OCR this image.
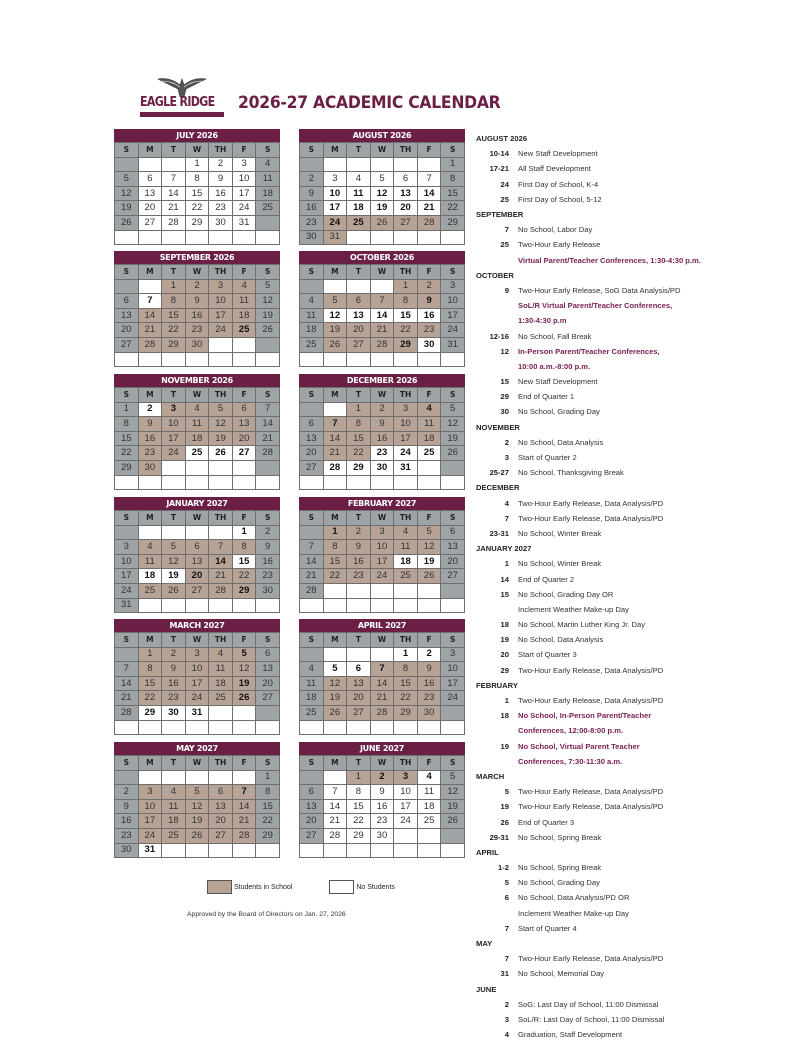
EAGLE RIDGE 2026-27 ACADEMIC CALENDAR
JULY 2026
S	M	T	W	TH	F	S
			1	2	3	4
5	6	7	8	9	10	11
12	13	14	15	16	17	18
19	20	21	22	23	24	25
26	27	28	29	30	31	

AUGUST 2026
S	M	T	W	TH	F	S
						1
2	3	4	5	6	7	8
9	10	11	12	13	14	15
16	17	18	19	20	21	22
23	24	25	26	27	28	29
30	31					
SEPTEMBER 2026
S	M	T	W	TH	F	S
		1	2	3	4	5
6	7	8	9	10	11	12
13	14	15	16	17	18	19
20	21	22	23	24	25	26
27	28	29	30			

OCTOBER 2026
S	M	T	W	TH	F	S
				1	2	3
4	5	6	7	8	9	10
11	12	13	14	15	16	17
18	19	20	21	22	23	24
25	26	27	28	29	30	31

NOVEMBER 2026
S	M	T	W	TH	F	S
1	2	3	4	5	6	7
8	9	10	11	12	13	14
15	16	17	18	19	20	21
22	23	24	25	26	27	28
29	30					

DECEMBER 2026
S	M	T	W	TH	F	S
		1	2	3	4	5
6	7	8	9	10	11	12
13	14	15	16	17	18	19
20	21	22	23	24	25	26
27	28	29	30	31		

JANUARY 2027
S	M	T	W	TH	F	S
					1	2
3	4	5	6	7	8	9
10	11	12	13	14	15	16
17	18	19	20	21	22	23
24	25	26	27	28	29	30
31						
FEBRUARY 2027
S	M	T	W	TH	F	S
	1	2	3	4	5	6
7	8	9	10	11	12	13
14	15	16	17	18	19	20
21	22	23	24	25	26	27
28						

MARCH 2027
S	M	T	W	TH	F	S
	1	2	3	4	5	6
7	8	9	10	11	12	13
14	15	16	17	18	19	20
21	22	23	24	25	26	27
28	29	30	31			

APRIL 2027
S	M	T	W	TH	F	S
				1	2	3
4	5	6	7	8	9	10
11	12	13	14	15	16	17
18	19	20	21	22	23	24
25	26	27	28	29	30	

MAY 2027
S	M	T	W	TH	F	S
						1
2	3	4	5	6	7	8
9	10	11	12	13	14	15
16	17	18	19	20	21	22
23	24	25	26	27	28	29
30	31					
JUNE 2027
S	M	T	W	TH	F	S
		1	2	3	4	5
6	7	8	9	10	11	12
13	14	15	16	17	18	19
20	21	22	23	24	25	26
27	28	29	30			

AUGUST 2026
10-14	New Staff Development
17-21	All Staff Development
24	First Day of School, K-4
25	First Day of School, 5-12
SEPTEMBER
7	No School, Labor Day
25	Two-Hour Early Release
Virtual Parent/Teacher Conferences, 1:30-4:30 p.m.
OCTOBER
9	Two-Hour Early Release, SoG Data Analysis/PD
SoL/R Virtual Parent/Teacher Conferences,
1:30-4:30 p.m
12-16	No School, Fall Break
12	In-Person Parent/Teacher Conferences,
10:00 a.m.-8:00 p.m.
15	New Staff Development
29	End of Quarter 1
30	No School, Grading Day
NOVEMBER
2	No School, Data Analysis
3	Start of Quarter 2
25-27	No School, Thanksgiving Break
DECEMBER
4	Two-Hour Early Release, Data Analysis/PD
7	Two-Hour Early Release, Data Analysis/PD
23-31	No School, Winter Break
JANUARY 2027
1	No School, Winter Break
14	End of Quarter 2
15	No School, Grading Day OR
Inclement Weather Make-up Day
18	No School, Martin Luther King Jr. Day
19	No School, Data Analysis
20	Start of Quarter 3
29	Two-Hour Early Release, Data Analysis/PD
FEBRUARY
1	Two-Hour Early Release, Data Analysis/PD
18	No School, In-Person Parent/Teacher
Conferences, 12:00-8:00 p.m.
19	No School, Virtual Parent Teacher
Conferences, 7:30-11:30 a.m.
MARCH
5	Two-Hour Early Release, Data Analysis/PD
19	Two-Hour Early Release, Data Analysis/PD
26	End of Quarter 3
29-31	No School, Spring Break
APRIL
1-2	No School, Spring Break
5	No School, Grading Day
6	No School, Data Analysis/PD OR
Inclement Weather Make-up Day
7	Start of Quarter 4
MAY
7	Two-Hour Early Release, Data Analysis/PD
31	No School, Memorial Day
JUNE
2	SoG: Last Day of School, 11:00 Dismissal
3	SoL/R: Last Day of School, 11:00 Dismissal
4	Graduation, Staff Development
Students in School	No Students
Approved by the Board of Directors on Jan. 27, 2026
